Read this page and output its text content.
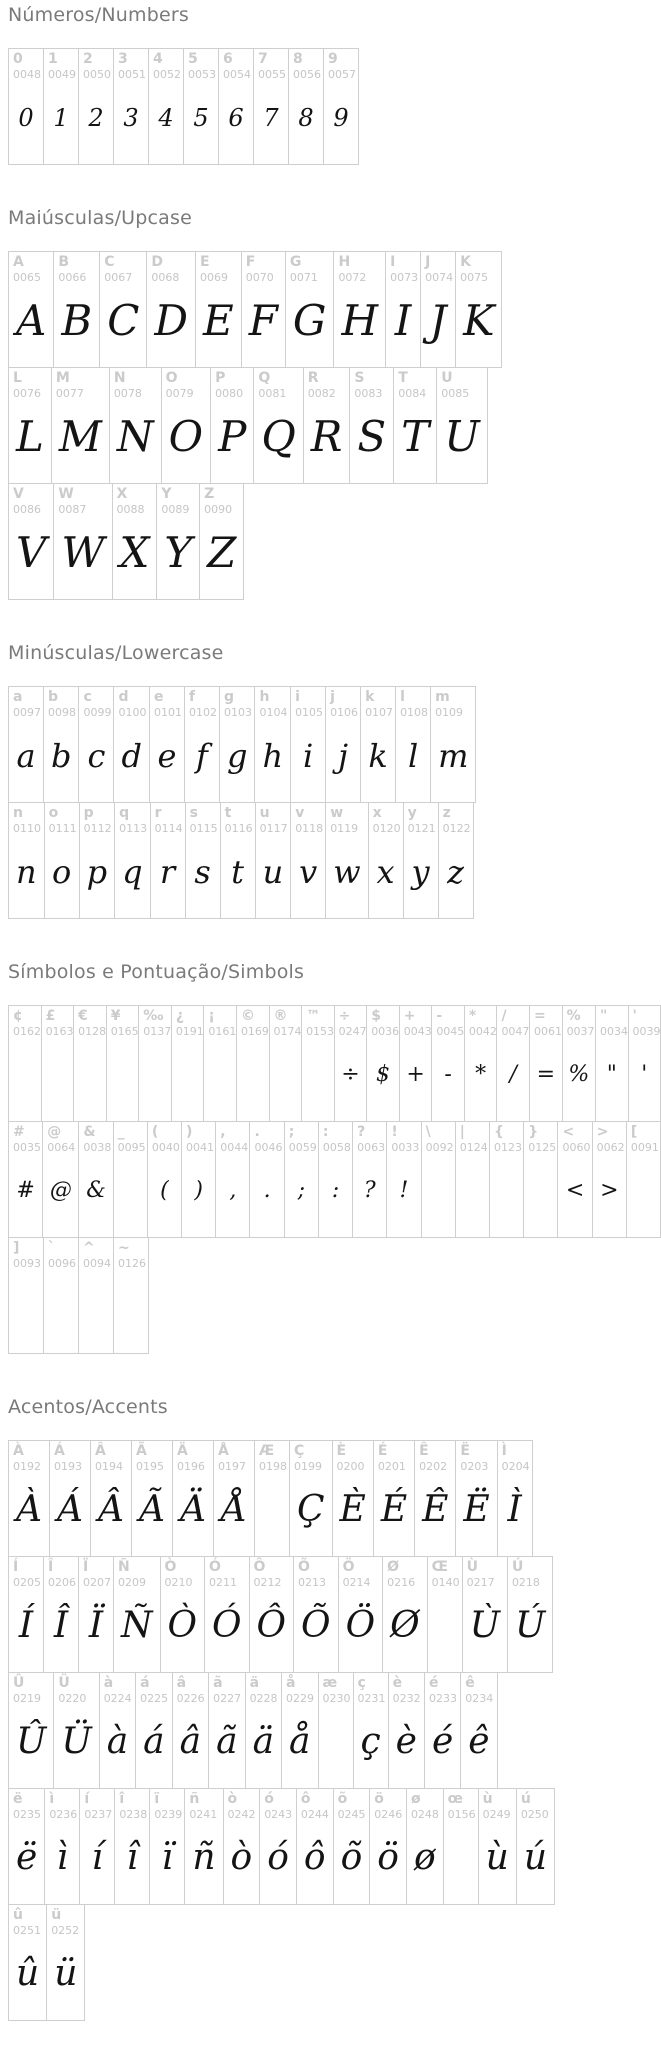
Números/Numbers
0
0048
0
1
0049
1
2
0050
2
3
0051
3
4
0052
4
5
0053
5
6
0054
6
7
0055
7
8
0056
8
9
0057
9
Maiúsculas/Upcase
A
0065
A
B
0066
B
C
0067
C
D
0068
D
E
0069
E
F
0070
F
G
0071
G
H
0072
H
I
0073
I
J
0074
J
K
0075
K
L
0076
L
M
0077
M
N
0078
N
O
0079
O
P
0080
P
Q
0081
Q
R
0082
R
S
0083
S
T
0084
T
U
0085
U
V
0086
V
W
0087
W
X
0088
X
Y
0089
Y
Z
0090
Z
Minúsculas/Lowercase
a
0097
a
b
0098
b
c
0099
c
d
0100
d
e
0101
e
f
0102
f
g
0103
g
h
0104
h
i
0105
i
j
0106
j
k
0107
k
l
0108
l
m
0109
m
n
0110
n
o
0111
o
p
0112
p
q
0113
q
r
0114
r
s
0115
s
t
0116
t
u
0117
u
v
0118
v
w
0119
w
x
0120
x
y
0121
y
z
0122
z
Símbolos e Pontuação/Simbols
¢
0162
£
0163
€
0128
¥
0165
‰
0137
¿
0191
¡
0161
©
0169
®
0174
™
0153
÷
0247
÷
$
0036
$
+
0043
+
-
0045
-
*
0042
*
/
0047
/
=
0061
=
%
0037
%
"
0034
"
'
0039
'
#
0035
#
@
0064
@
&
0038
&
_
0095
(
0040
(
)
0041
)
,
0044
,
.
0046
.
;
0059
;
:
0058
:
?
0063
?
!
0033
!
\
0092
|
0124
{
0123
}
0125
<
0060
<
>
0062
>
[
0091
]
0093
`
0096
^
0094
~
0126
Acentos/Accents
À
0192
À
Á
0193
Á
Â
0194
Â
Ã
0195
Ã
Ä
0196
Ä
Å
0197
Å
Æ
0198
Ç
0199
Ç
È
0200
È
É
0201
É
Ê
0202
Ê
Ë
0203
Ë
Ì
0204
Ì
Í
0205
Í
Î
0206
Î
Ï
0207
Ï
Ñ
0209
Ñ
Ò
0210
Ò
Ó
0211
Ó
Ô
0212
Ô
Õ
0213
Õ
Ö
0214
Ö
Ø
0216
Ø
Œ
0140
Ù
0217
Ù
Ú
0218
Ú
Û
0219
Û
Ü
0220
Ü
à
0224
à
á
0225
á
â
0226
â
ã
0227
ã
ä
0228
ä
å
0229
å
æ
0230
ç
0231
ç
è
0232
è
é
0233
é
ê
0234
ê
ë
0235
ë
ì
0236
ì
í
0237
í
î
0238
î
ï
0239
ï
ñ
0241
ñ
ò
0242
ò
ó
0243
ó
ô
0244
ô
õ
0245
õ
ö
0246
ö
ø
0248
ø
œ
0156
ù
0249
ù
ú
0250
ú
û
0251
û
ü
0252
ü
